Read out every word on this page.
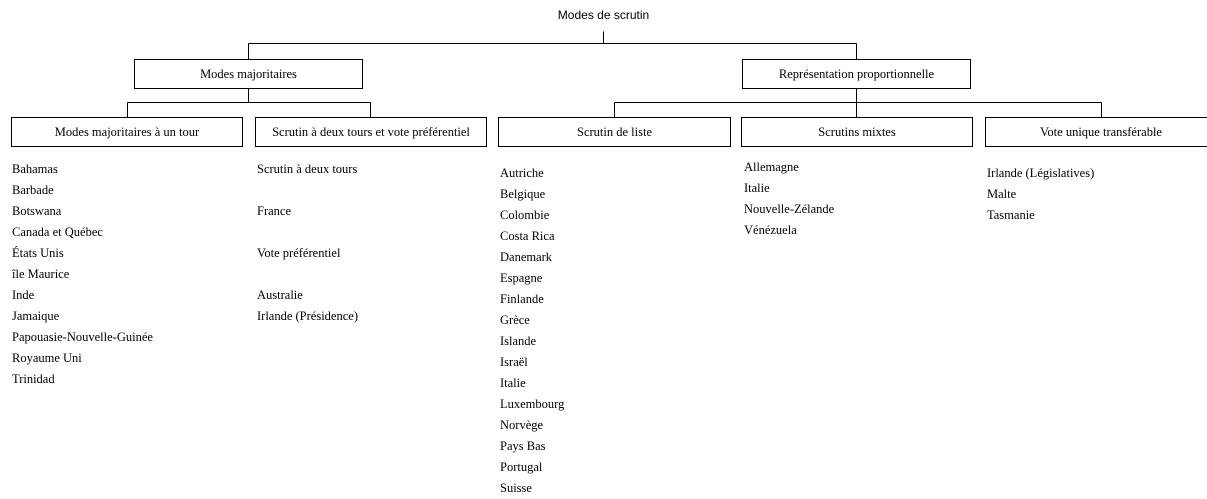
Modes de scrutin
Modes majoritaires	Représentation proportionnelle
Modes majoritaires à un tour	Scrutin à deux tours et vote préférentiel	Scrutin de liste	Scrutins mixtes	Vote unique transférable
Bahamas
Barbade
Botswana
Canada et Québec
États Unis
île Maurice
Inde
Jamaique
Papouasie-Nouvelle-Guinée
Royaume Uni
Trinidad
Scrutin à deux tours
France
Vote préférentiel
Australie
Irlande (Présidence)
Autriche
Belgique
Colombie
Costa Rica
Danemark
Espagne
Finlande
Grèce
Islande
Israël
Italie
Luxembourg
Norvège
Pays Bas
Portugal
Suisse
Allemagne
Italie
Nouvelle-Zélande
Vénézuela
Irlande (Législatives)
Malte
Tasmanie
